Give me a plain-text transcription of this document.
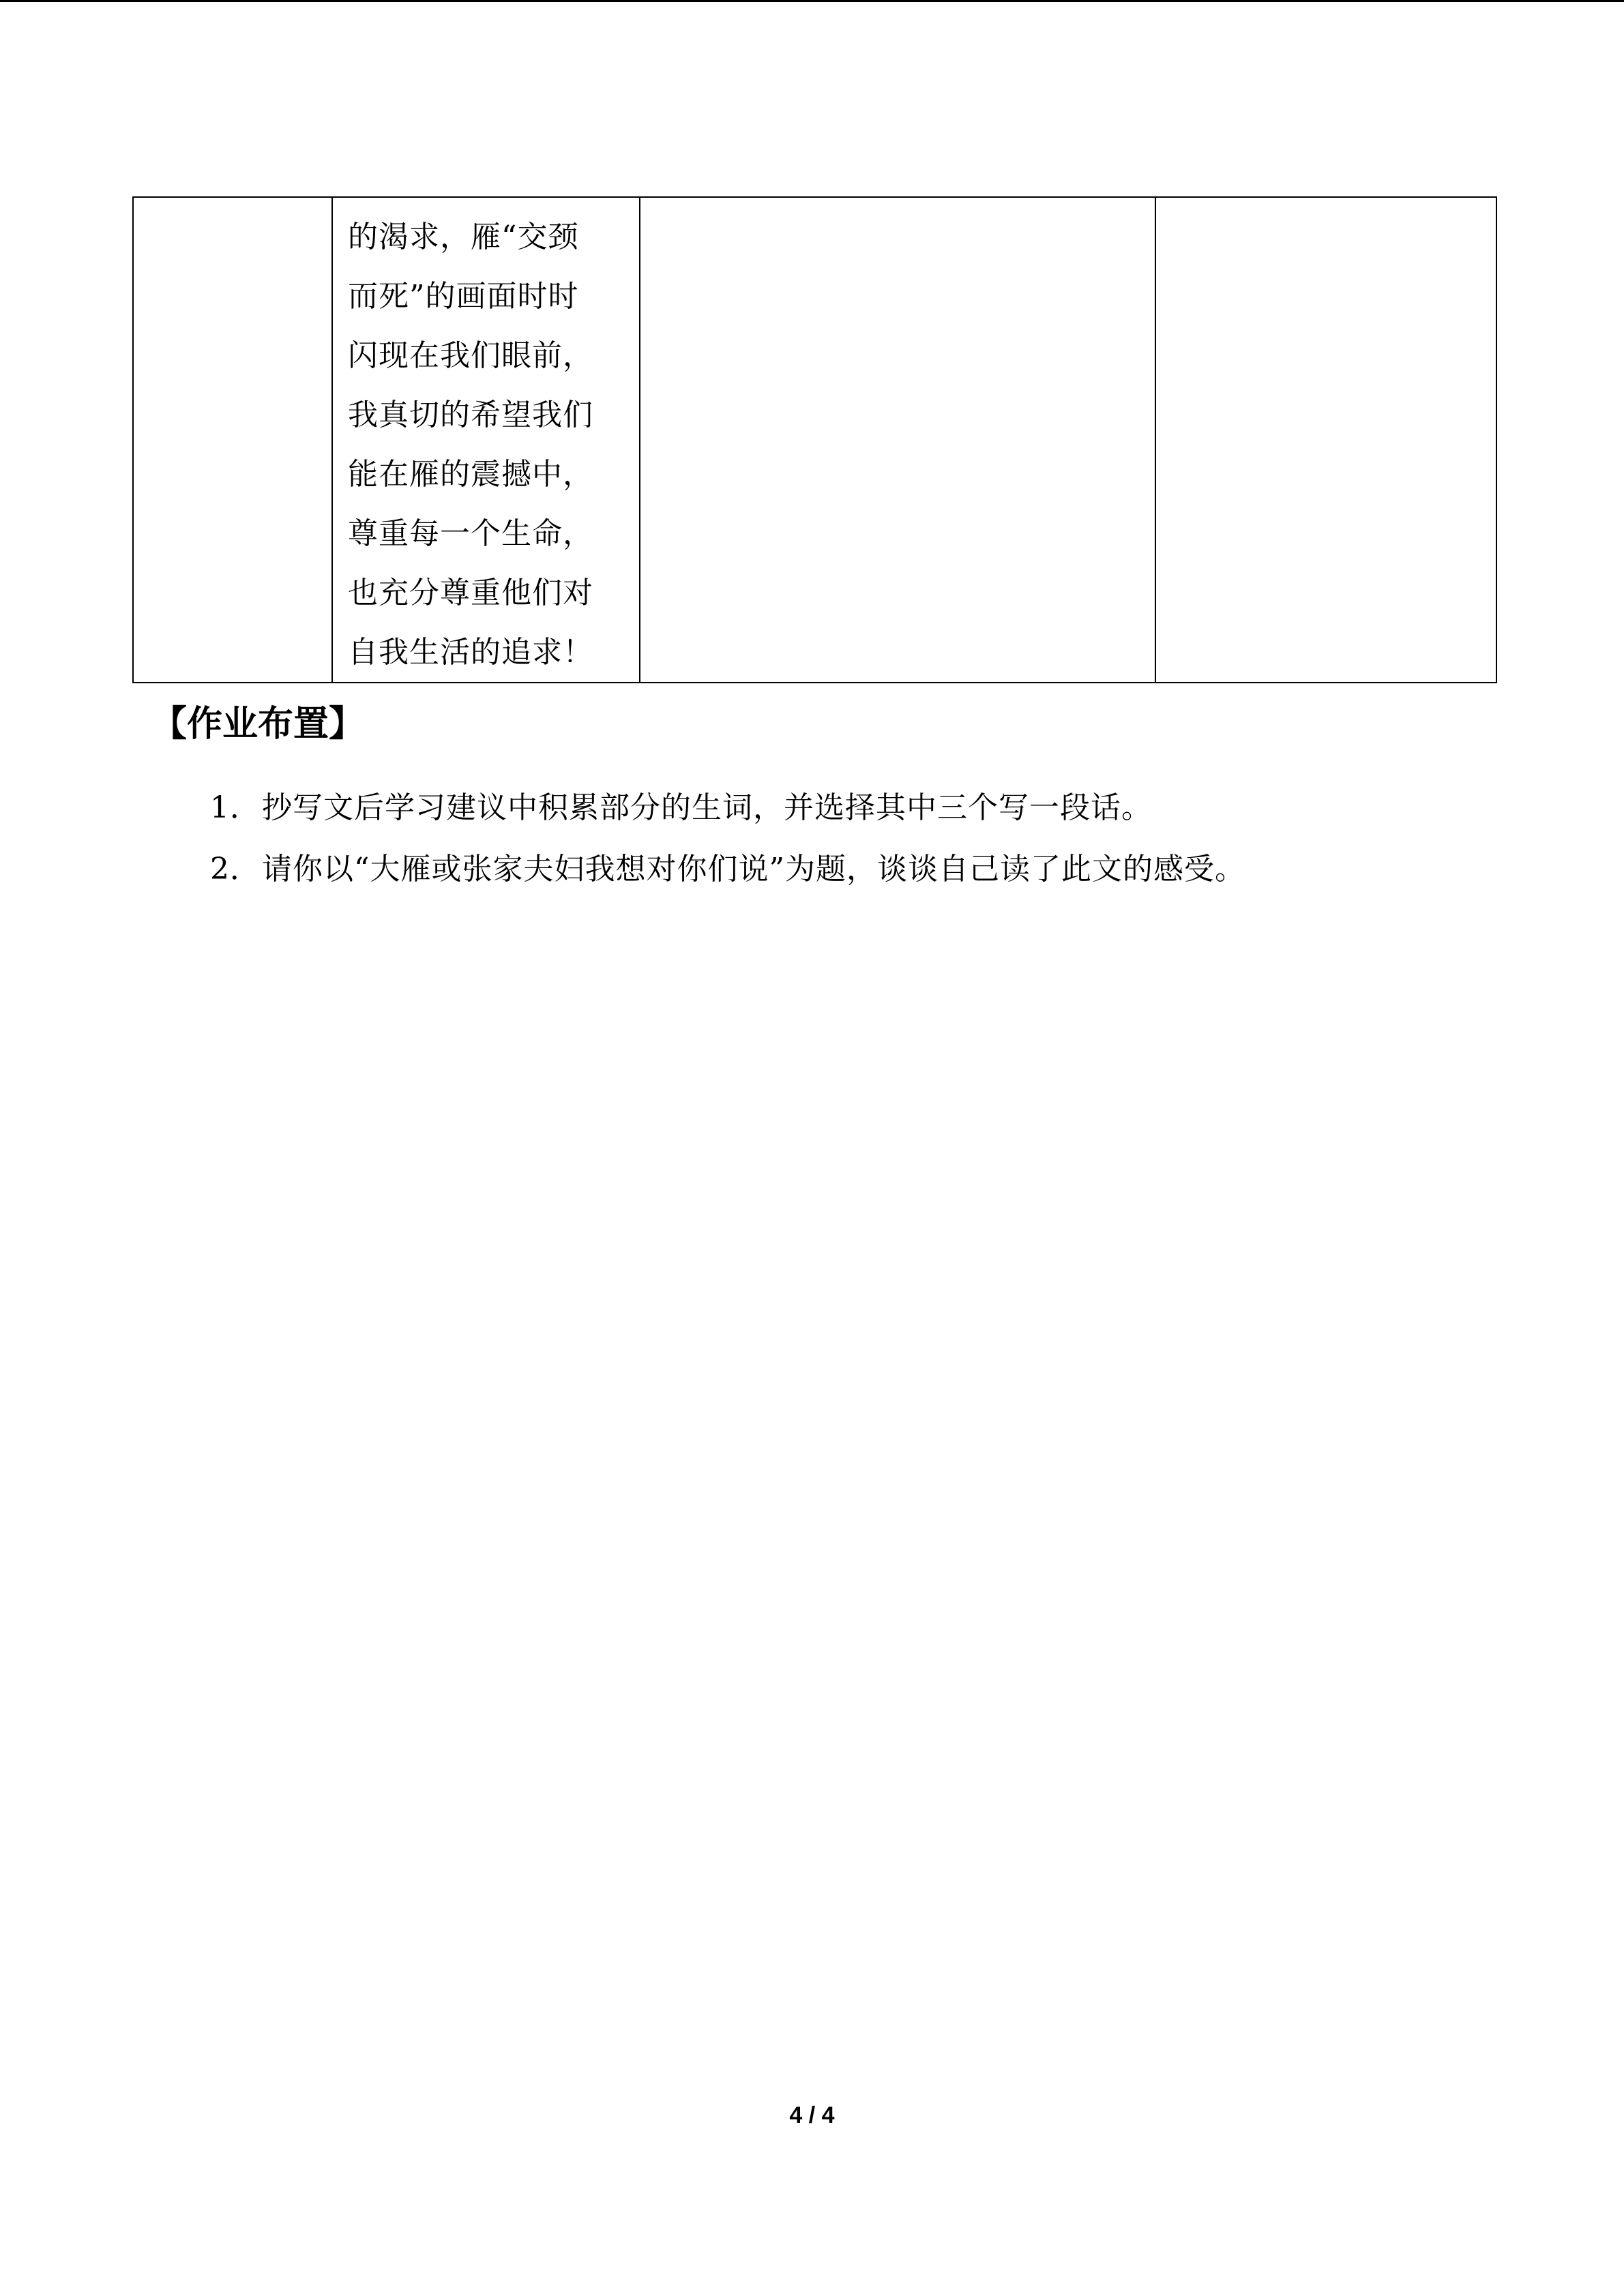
的渴求，雁“交颈
而死”的画面时时
闪现在我们眼前，
我真切的希望我们
能在雁的震撼中，
尊重每一个生命，
也充分尊重他们对
自我生活的追求！

【作业布置】
1．抄写文后学习建议中积累部分的生词，并选择其中三个写一段话。
2．请你以“大雁或张家夫妇我想对你们说”为题，谈谈自己读了此文的感受。
4 / 4
